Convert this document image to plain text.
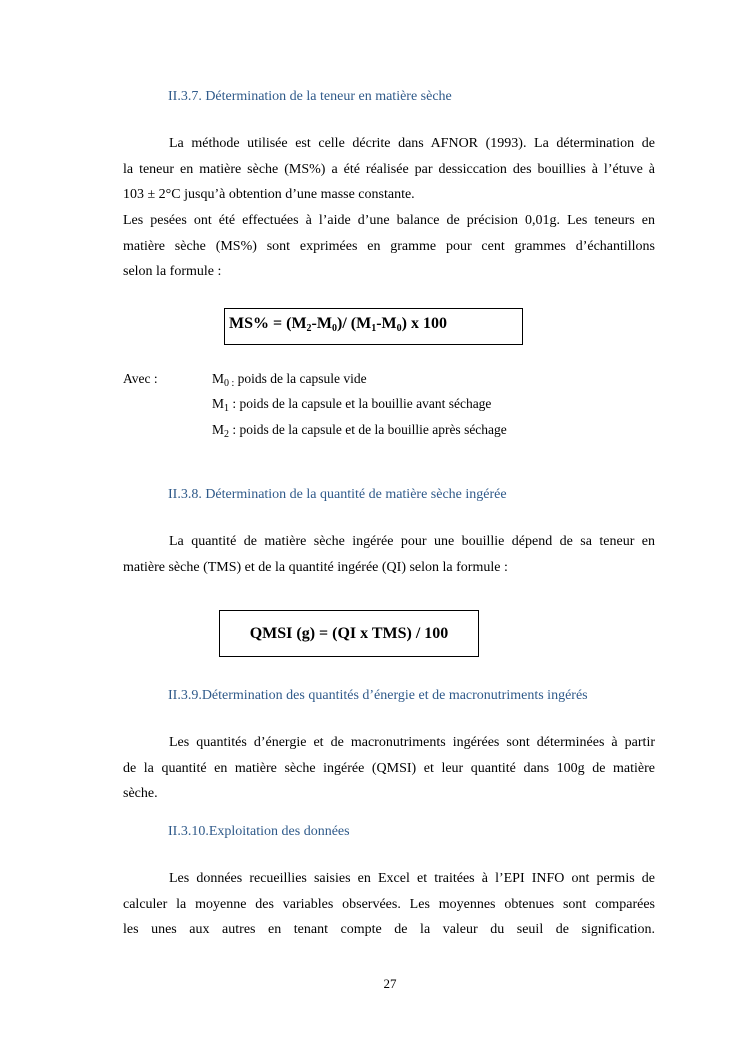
II.3.7. Détermination de la teneur en matière sèche
La méthode utilisée est celle décrite dans AFNOR (1993). La détermination de
la teneur en matière sèche (MS%) a été réalisée par dessiccation des bouillies à l’étuve à
103 ± 2°C jusqu’à obtention d’une masse constante.
Les pesées ont été effectuées à l’aide d’une balance de précision 0,01g. Les teneurs en
matière sèche (MS%) sont exprimées en gramme pour cent grammes d’échantillons
selon la formule :
$MS\% = (M_2-M_0)/$ $(M_1-M_0)$ x 100
Avec :	$M_{0 :}$ poids de la capsule vide
$M_1$ : poids de la capsule et la bouillie avant séchage
$M_2$ : poids de la capsule et de la bouillie après séchage
II.3.8. Détermination de la quantité de matière sèche ingérée
La quantité de matière sèche ingérée pour une bouillie dépend de sa teneur en
matière sèche (TMS) et de la quantité ingérée (QI) selon la formule :
QMSI (g) = (QI x TMS) / 100
II.3.9.Détermination des quantités d’énergie et de macronutriments ingérés
Les quantités d’énergie et de macronutriments ingérées sont déterminées à partir
de la quantité en matière sèche ingérée (QMSI) et leur quantité dans 100g de matière
sèche.
II.3.10.Exploitation des données
Les données recueillies saisies en Excel et traitées à l’EPI INFO ont permis de
calculer la moyenne des variables observées. Les moyennes obtenues sont comparées
les unes aux autres en tenant compte de la valeur du seuil de signification.
27
